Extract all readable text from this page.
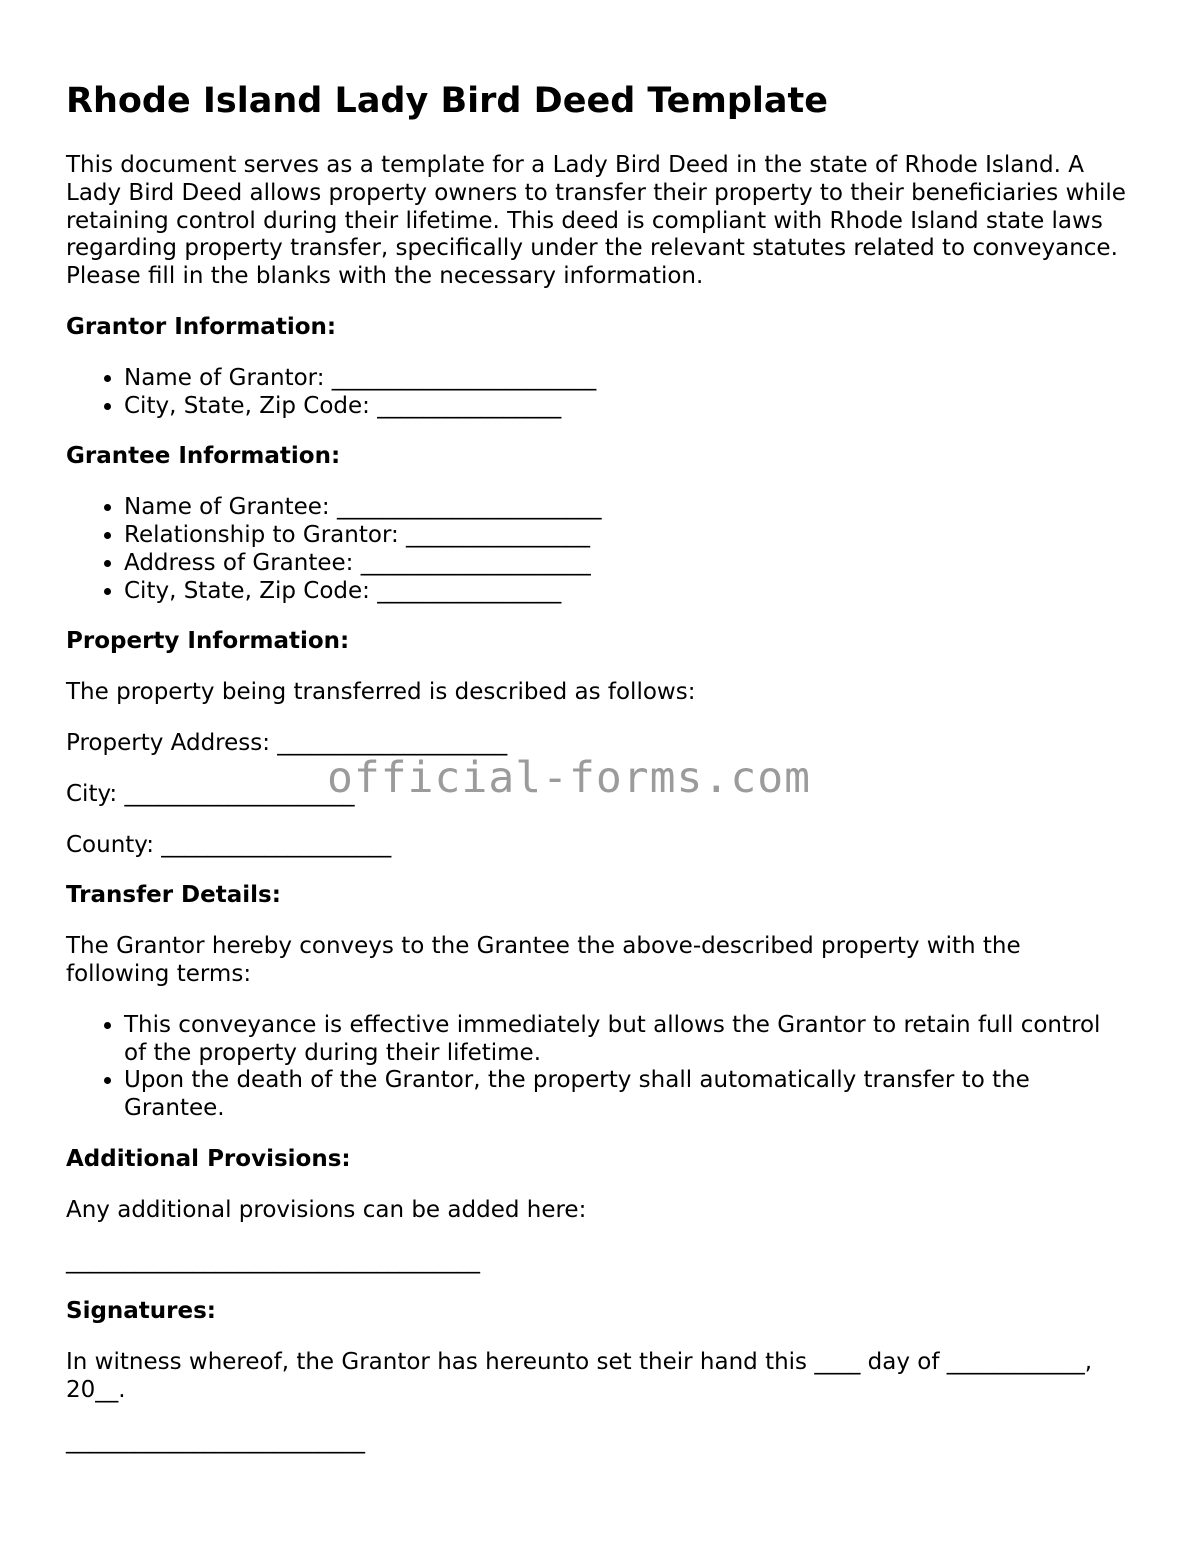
Rhode Island Lady Bird Deed Template

This document serves as a template for a Lady Bird Deed in the state of Rhode Island. A Lady Bird Deed allows property owners to transfer their property to their beneficiaries while retaining control during their lifetime. This deed is compliant with Rhode Island state laws regarding property transfer, specifically under the relevant statutes related to conveyance. Please fill in the blanks with the necessary information.

Grantor Information:
• Name of Grantor: _______________________
• City, State, Zip Code: ________________
Grantee Information:
• Name of Grantee: _______________________
• Relationship to Grantor: ________________
• Address of Grantee: ____________________
• City, State, Zip Code: ________________
Property Information:

The property being transferred is described as follows:

Property Address: ____________________

City: ____________________

County: ____________________

Transfer Details:

The Grantor hereby conveys to the Grantee the above-described property with the following terms:

• This conveyance is effective immediately but allows the Grantor to retain full control of the property during their lifetime.
• Upon the death of the Grantor, the property shall automatically transfer to the Grantee.
Additional Provisions:

Any additional provisions can be added here:

____________________________________

Signatures:

In witness whereof, the Grantor has hereunto set their hand this ____ day of ____________, 20__.

__________________________

official-forms.com
